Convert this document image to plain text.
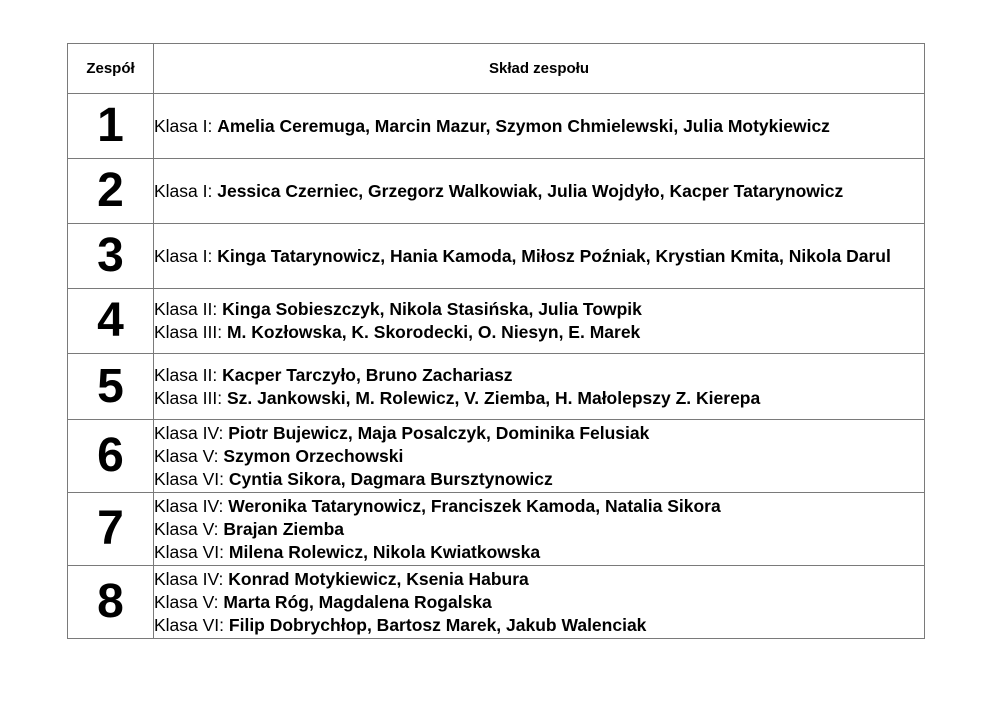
Zespół	Skład zespołu
1	Klasa I: Amelia Ceremuga, Marcin Mazur, Szymon Chmielewski, Julia Motykiewicz

2	Klasa I: Jessica Czerniec, Grzegorz Walkowiak, Julia Wojdyło, Kacper Tatarynowicz

3	Klasa I: Kinga Tatarynowicz, Hania Kamoda, Miłosz Poźniak, Krystian Kmita, Nikola Darul

4	Klasa II: Kinga Sobieszczyk, Nikola Stasińska, Julia Towpik
Klasa III: M. Kozłowska, K. Skorodecki, O. Niesyn, E. Marek

5	Klasa II: Kacper Tarczyło, Bruno Zachariasz
Klasa III: Sz. Jankowski, M. Rolewicz, V. Ziemba, H. Małolepszy Z. Kierepa

6	Klasa IV: Piotr Bujewicz, Maja Posalczyk, Dominika Felusiak
Klasa V: Szymon Orzechowski
Klasa VI: Cyntia Sikora, Dagmara Bursztynowicz

7	Klasa IV: Weronika Tatarynowicz, Franciszek Kamoda, Natalia Sikora
Klasa V: Brajan Ziemba
Klasa VI: Milena Rolewicz, Nikola Kwiatkowska

8	Klasa IV: Konrad Motykiewicz, Ksenia Habura
Klasa V: Marta Róg, Magdalena Rogalska
Klasa VI: Filip Dobrychłop, Bartosz Marek, Jakub Walenciak
